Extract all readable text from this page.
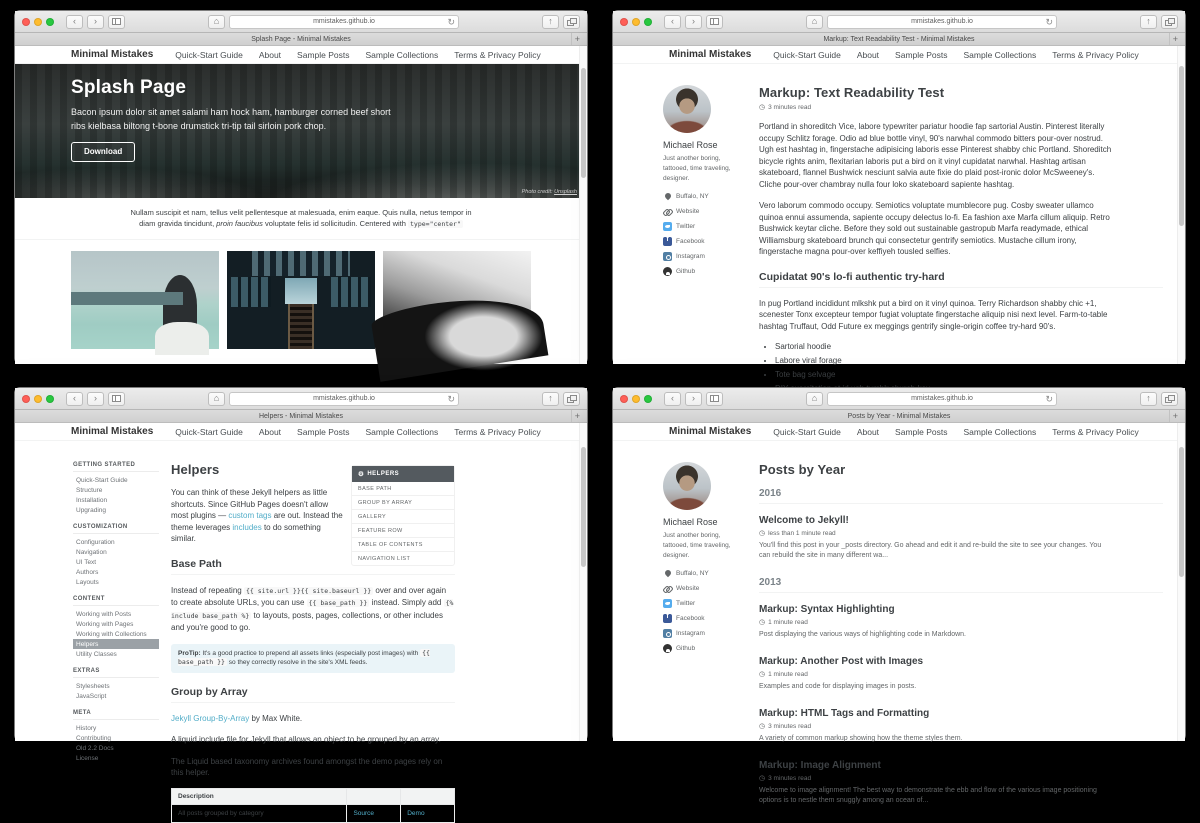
‹	›	⌂	mmistakes.github.io	↻	↑
Splash Page - Minimal Mistakes	+
Minimal Mistakes	Quick-Start Guide About Sample Posts Sample Collections Terms & Privacy Policy
Splash Page
Bacon ipsum dolor sit amet salami ham hock ham, hamburger corned beef short ribs kielbasa biltong t-bone drumstick tri-tip tail sirloin pork chop.
Download
Photo credit: Unsplash

Nullam suscipit et nam, tellus velit pellentesque at malesuada, enim eaque. Quis nulla, netus tempor in diam gravida tincidunt, proin faucibus voluptate felis id sollicitudin. Centered with type="center"

‹	›	⌂	mmistakes.github.io	↻	↑
Markup: Text Readability Test - Minimal Mistakes	+
Minimal Mistakes	Quick-Start Guide About Sample Posts Sample Collections Terms & Privacy Policy
Michael Rose
Just another boring, tattooed, time traveling, designer.
Buffalo, NY
Website
Twitter
f
Facebook
Instagram
Github
Markup: Text Readability Test
◷ 3 minutes read

Portland in shoreditch Vice, labore typewriter pariatur hoodie fap sartorial Austin. Pinterest literally occupy Schlitz forage. Odio ad blue bottle vinyl, 90's narwhal commodo bitters pour-over nostrud. Ugh est hashtag in, fingerstache adipisicing laboris esse Pinterest shabby chic Portland. Shoreditch bicycle rights anim, flexitarian laboris put a bird on it vinyl cupidatat narwhal. Hashtag artisan skateboard, flannel Bushwick nesciunt salvia aute fixie do plaid post-ironic dolor McSweeney's. Cliche pour-over chambray nulla four loko skateboard sapiente hashtag.

Vero laborum commodo occupy. Semiotics voluptate mumblecore pug. Cosby sweater ullamco quinoa ennui assumenda, sapiente occupy delectus lo-fi. Ea fashion axe Marfa cillum aliquip. Retro Bushwick keytar cliche. Before they sold out sustainable gastropub Marfa readymade, ethical Williamsburg skateboard brunch qui consectetur gentrify semiotics. Mustache cillum irony, fingerstache magna pour-over keffiyeh tousled selfies.

Cupidatat 90's lo-fi authentic try-hard

In pug Portland incididunt mlkshk put a bird on it vinyl quinoa. Terry Richardson shabby chic +1, scenester Tonx excepteur tempor fugiat voluptate fingerstache aliquip nisi next level. Farm-to-table hashtag Truffaut, Odd Future ex meggings gentrify single-origin coffee try-hard 90's.

• Sartorial hoodie
• Labore viral forage
• Tote bag selvage
•
‹	›	⌂	mmistakes.github.io	↻	↑
Helpers - Minimal Mistakes	+
Minimal Mistakes	Quick-Start Guide About Sample Posts Sample Collections Terms & Privacy Policy
GETTING STARTED
Quick-Start Guide
Structure
Installation
Upgrading
CUSTOMIZATION
Configuration
Navigation
UI Text
Authors
Layouts
CONTENT
Working with Posts
Working with Pages
Working with Collections
Helpers
Utility Classes
EXTRAS
Stylesheets
JavaScript
META
History
Contributing
Old 2.2 Docs
License
⚙ HELPERS
BASE PATH
GROUP BY ARRAY
GALLERY
FEATURE ROW
TABLE OF CONTENTS
NAVIGATION LIST
Helpers

You can think of these Jekyll helpers as little shortcuts. Since GitHub Pages doesn't allow most plugins — custom tags are out. Instead the theme leverages includes to do something similar.

Base Path

Instead of repeating {{ site.url }}{{ site.baseurl }} over and over again to create absolute URLs, you can use {{ base_path }} instead. Simply add {% include base_path %} to layouts, posts, pages, collections, or other includes and you're good to go.

ProTip: It's a good practice to prepend all assets links (especially post images) with {{ base_path }} so they correctly resolve in the site's XML feeds.
Group by Array

Jekyll Group-By-Array by Max White.

A liquid include file for Jekyll that allows an object to be grouped by an array.

The Liquid based taxonomy archives found amongst the demo pages rely on this helper.

Description		
All posts grouped by category	Source	Demo
‹	›	⌂	mmistakes.github.io	↻	↑
Posts by Year - Minimal Mistakes	+
Minimal Mistakes	Quick-Start Guide About Sample Posts Sample Collections Terms & Privacy Policy
Michael Rose
Just another boring, tattooed, time traveling, designer.
Buffalo, NY
Website
Twitter
f
Facebook
Instagram
Github
Posts by Year
2016
Welcome to Jekyll!
◷ less than 1 minute read
You'll find this post in your _posts directory. Go ahead and edit it and re-build the site to see your changes. You can rebuild the site in many different wa...
2013
Markup: Syntax Highlighting
◷ 1 minute read
Post displaying the various ways of highlighting code in Markdown.
Markup: Another Post with Images
◷ 1 minute read
Examples and code for displaying images in posts.
Markup: HTML Tags and Formatting
◷ 3 minutes read
A variety of common markup showing how the theme styles them.
Markup: Image Alignment
◷ 3 minutes read
Welcome to image alignment! The best way to demonstrate the ebb and flow of the various image positioning options is to nestle them snuggly among an ocean of...
